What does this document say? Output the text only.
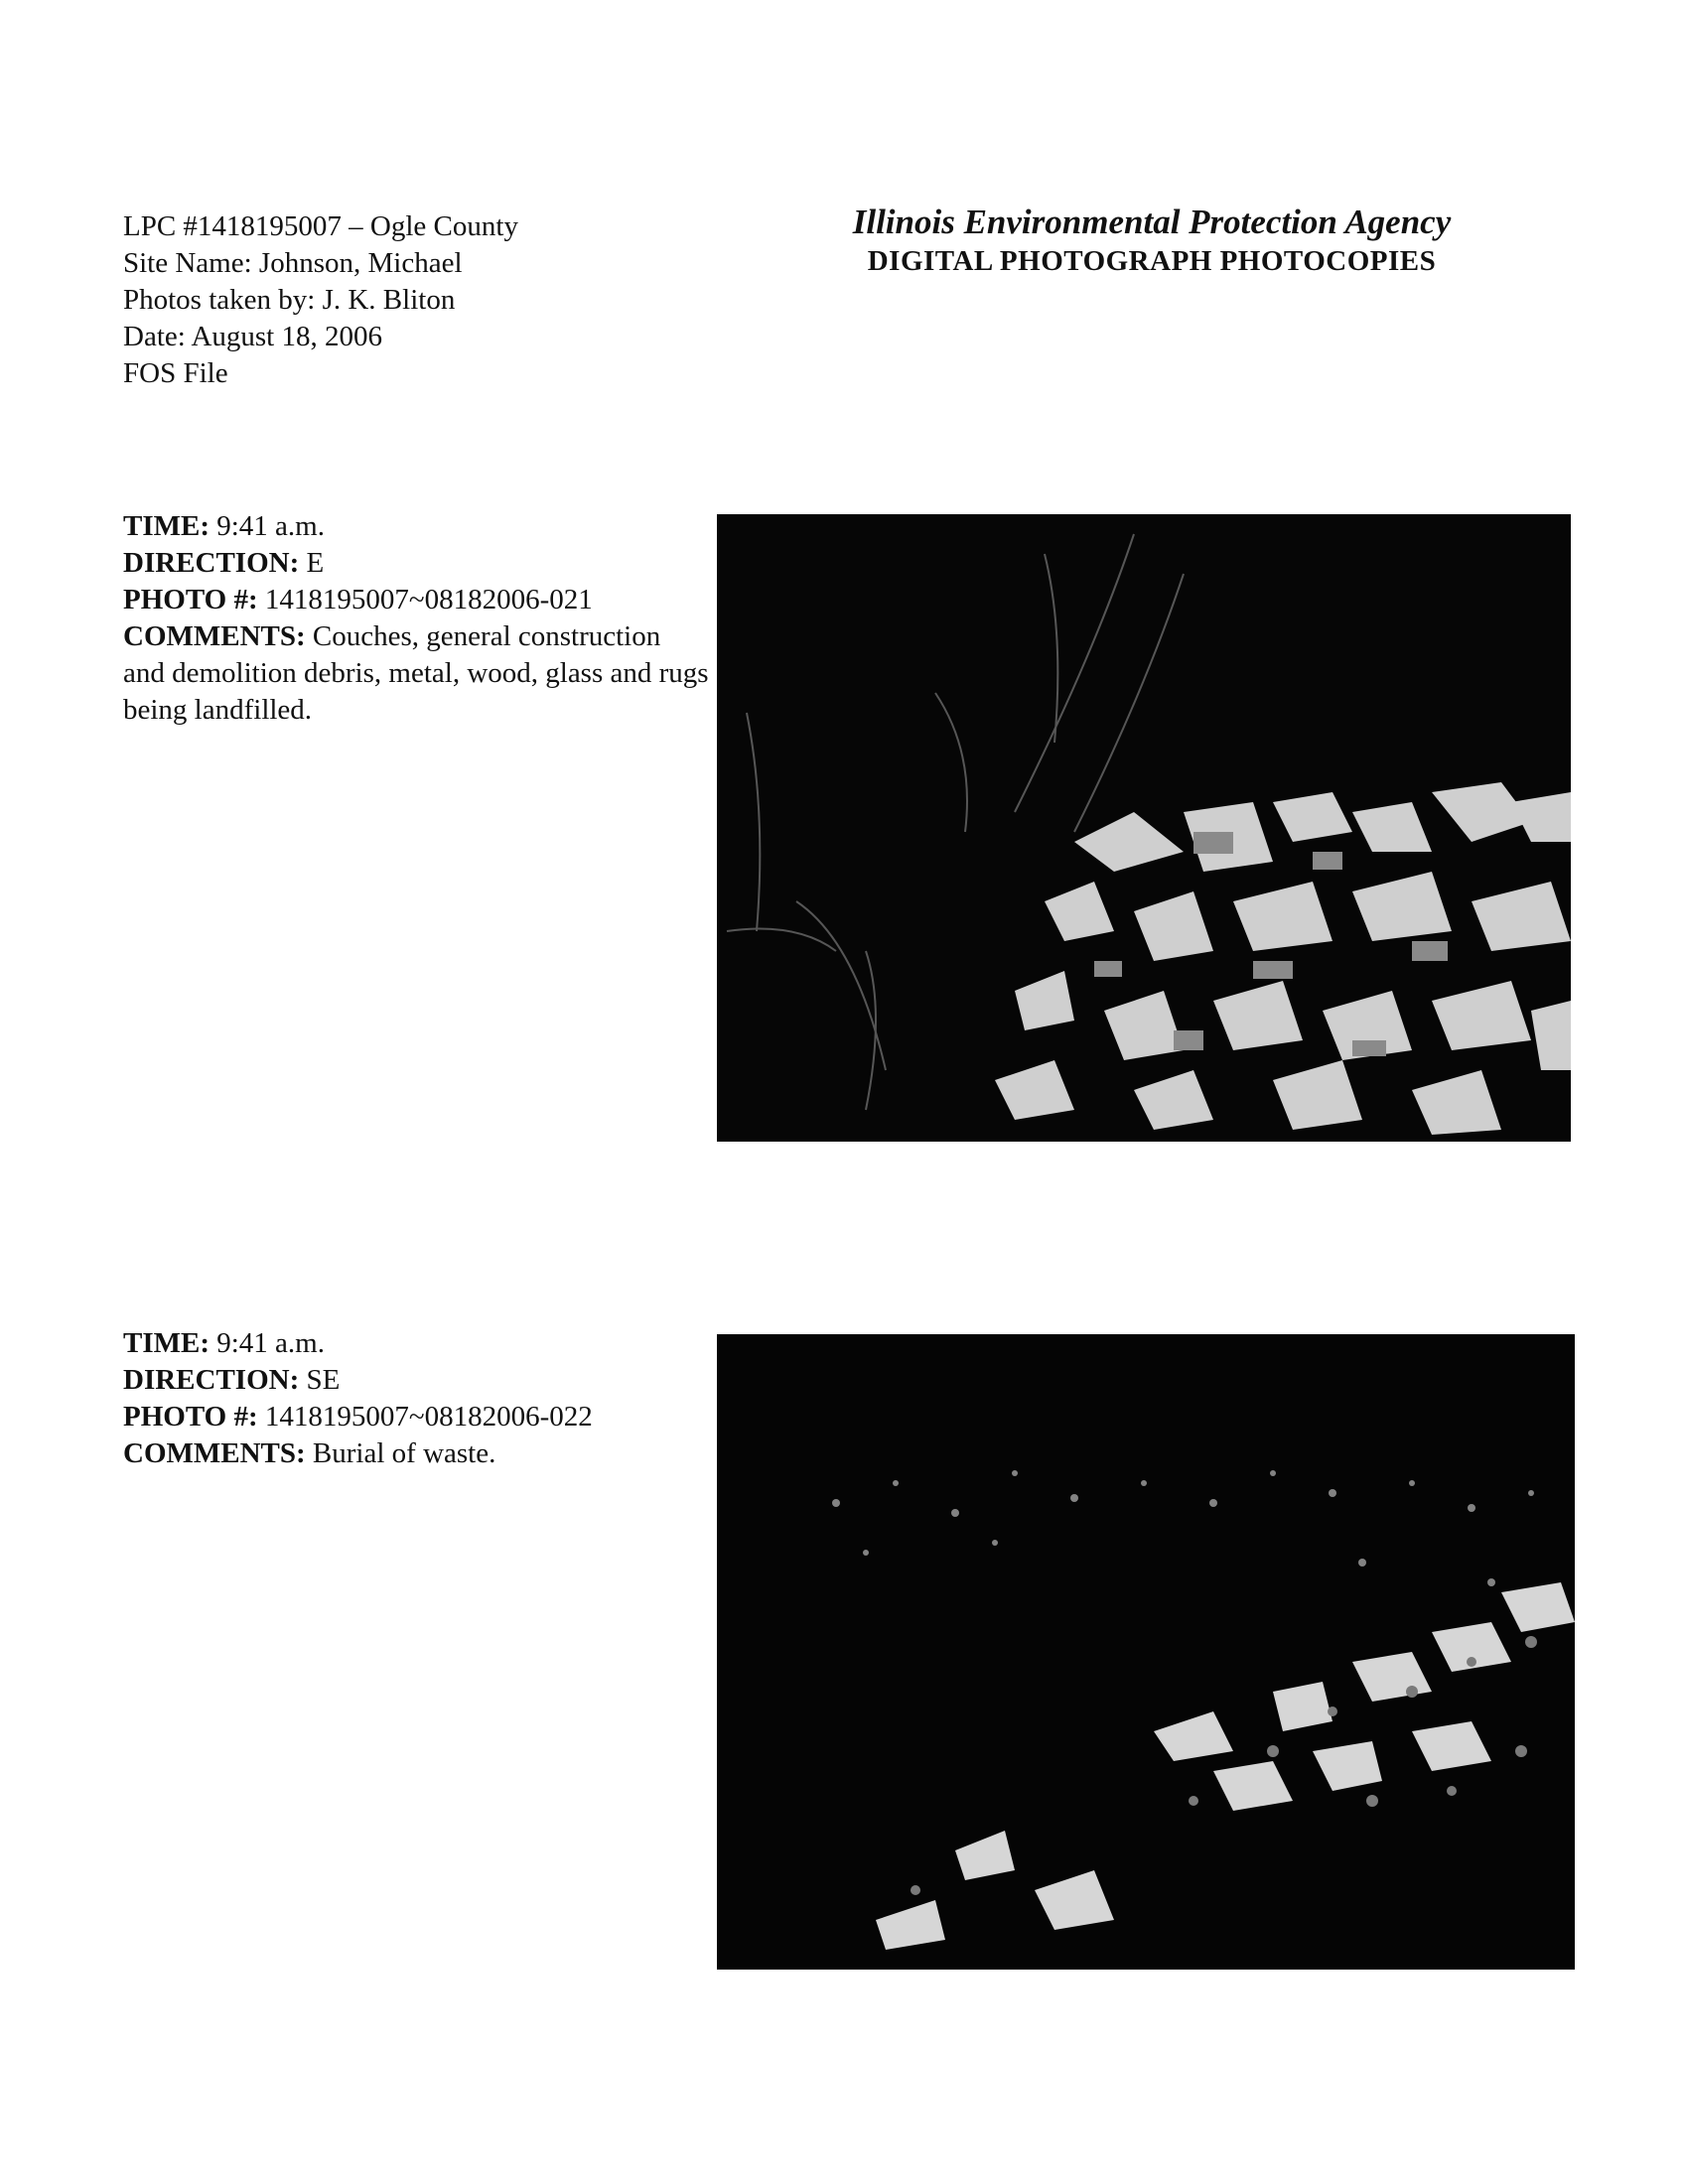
LPC #1418195007 – Ogle County
Site Name: Johnson, Michael
Photos taken by: J. K. Bliton
Date: August 18, 2006
FOS File
Illinois Environmental Protection Agency
DIGITAL PHOTOGRAPH PHOTOCOPIES
TIME: 9:41 a.m.
DIRECTION: E
PHOTO #: 1418195007~08182006-021
COMMENTS: Couches, general construction and demolition debris, metal, wood, glass and rugs being landfilled.
TIME: 9:41 a.m.
DIRECTION: SE
PHOTO #: 1418195007~08182006-022
COMMENTS: Burial of waste.
